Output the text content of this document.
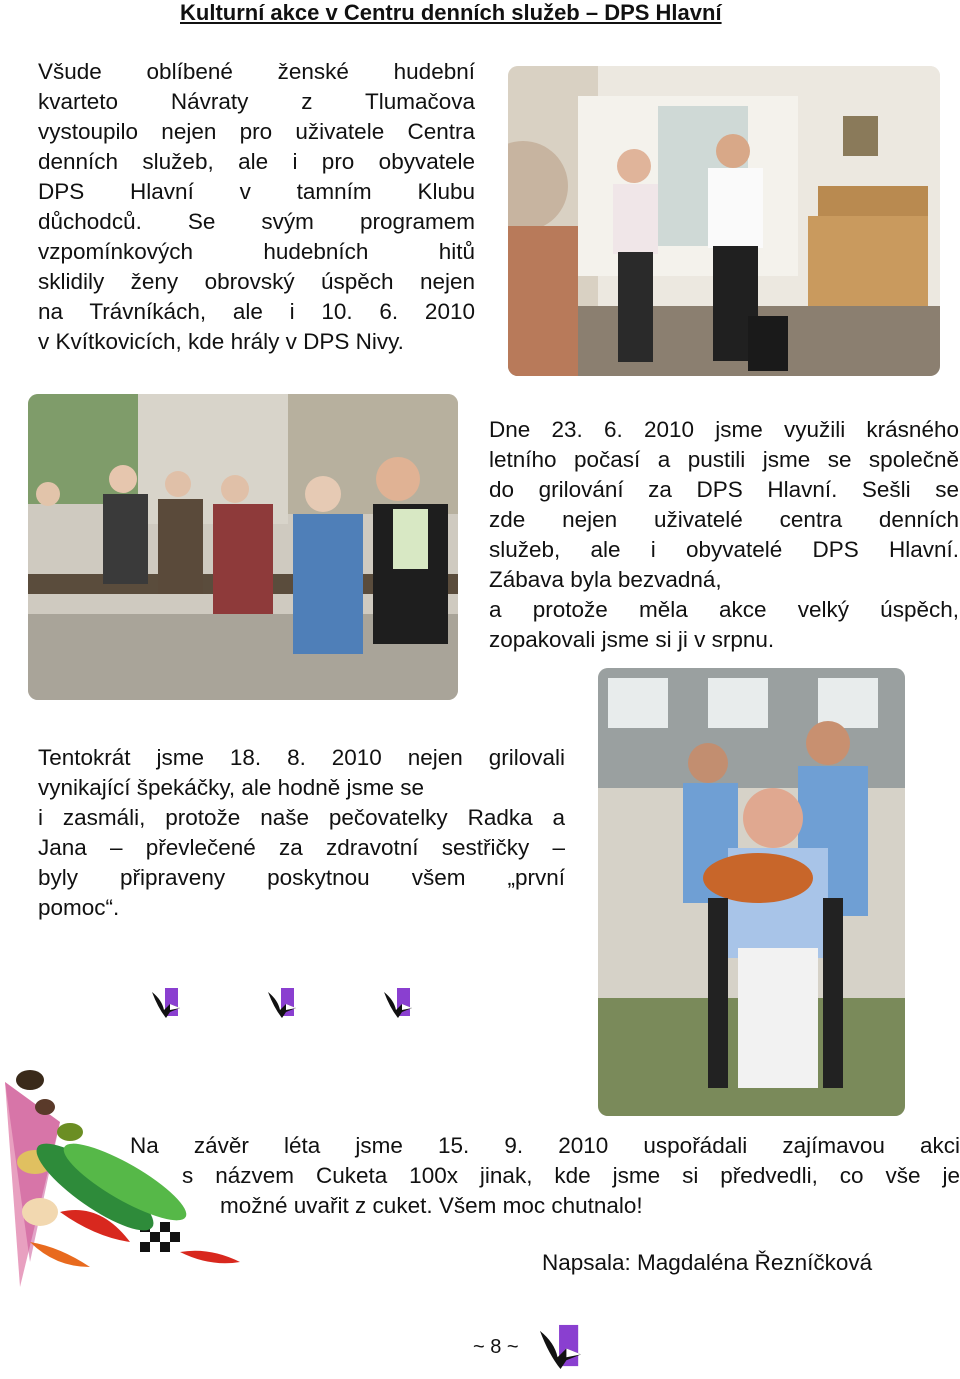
Kulturní akce v Centru denních služeb – DPS Hlavní
Všude oblíbené ženské hudební
kvarteto Návraty z Tlumačova
vystoupilo nejen pro uživatele Centra
denních služeb, ale i pro obyvatele
DPS Hlavní v tamním Klubu
důchodců. Se svým programem
vzpomínkových hudebních hitů
sklidily ženy obrovský úspěch nejen
na Trávníkách, ale i 10. 6. 2010
v Kvítkovicích, kde hrály v DPS Nivy.
Dne 23. 6. 2010 jsme využili krásného
letního počasí a pustili jsme se společně
do grilování za DPS Hlavní. Sešli se
zde nejen uživatelé centra denních
služeb, ale i obyvatelé DPS Hlavní.
Zábava byla bezvadná,
a protože měla akce velký úspěch,
zopakovali jsme si ji v srpnu.
Tentokrát jsme 18. 8. 2010 nejen grilovali
vynikající špekáčky, ale hodně jsme se
i zasmáli, protože naše pečovatelky Radka a
Jana – převlečené za zdravotní sestřičky –
byly připraveny poskytnou všem „první
pomoc“.
Na závěr léta jsme 15. 9. 2010 uspořádali zajímavou akci
s názvem Cuketa 100x jinak, kde jsme si předvedli, co vše je
možné uvařit z cuket. Všem moc chutnalo!
Napsala: Magdaléna Řezníčková
~ 8 ~
